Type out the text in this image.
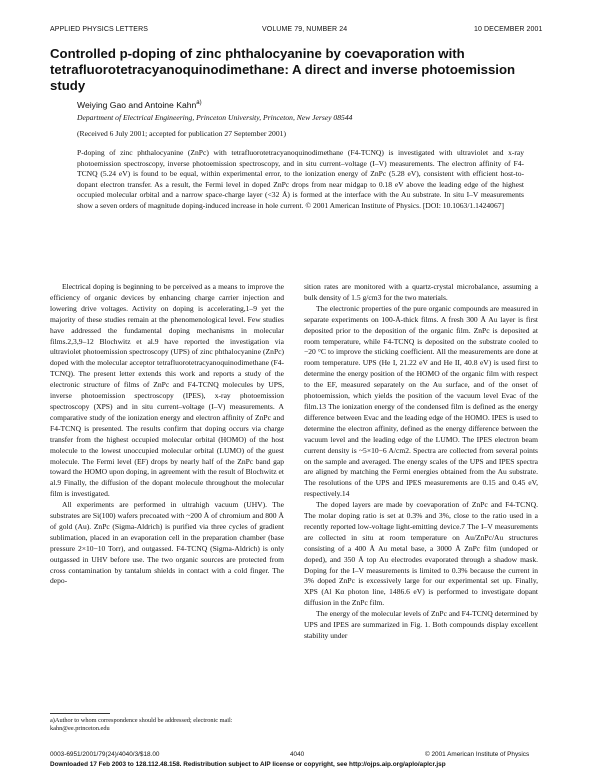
APPLIED PHYSICS LETTERS	VOLUME 79, NUMBER 24	10 DECEMBER 2001
Controlled p-doping of zinc phthalocyanine by coevaporation with tetrafluorotetracyanoquinodimethane: A direct and inverse photoemission study
Weiying Gao and Antoine Kahn$^{a)}$
Department of Electrical Engineering, Princeton University, Princeton, New Jersey 08544
(Received 6 July 2001; accepted for publication 27 September 2001)
P-doping of zinc phthalocyanine (ZnPc) with tetrafluorotetracyanoquinodimethane (F4-TCNQ) is investigated with ultraviolet and x-ray photoemission spectroscopy, inverse photoemission spectroscopy, and in situ current–voltage (I–V) measurements. The electron affinity of F4-TCNQ (5.24 eV) is found to be equal, within experimental error, to the ionization energy of ZnPc (5.28 eV), consistent with efficient host-to-dopant electron transfer. As a result, the Fermi level in doped ZnPc drops from near midgap to 0.18 eV above the leading edge of the highest occupied molecular orbital and a narrow space-charge layer (<32 Å) is formed at the interface with the Au substrate. In situ I–V measurements show a seven orders of magnitude doping-induced increase in hole current. © 2001 American Institute of Physics. [DOI: 10.1063/1.1424067]

Electrical doping is beginning to be perceived as a means to improve the efficiency of organic devices by enhancing charge carrier injection and lowering drive voltages. Activity on doping is accelerating,1–9 yet the majority of these studies remain at the phenomenological level. Few studies have addressed the fundamental doping mechanisms in molecular films.2,3,9–12 Blochwitz et al.9 have reported the investigation via ultraviolet photoemission spectroscopy (UPS) of zinc phthalocyanine (ZnPc) doped with the molecular acceptor tetrafluorotetracyanoquinodimethane (F4-TCNQ). The present letter extends this work and reports a study of the electronic structure of films of ZnPc and F4-TCNQ molecules by UPS, inverse photoemission spectroscopy (IPES), x-ray photoemission spectroscopy (XPS) and in situ current–voltage (I–V) measurements. A comparative study of the ionization energy and electron affinity of ZnPc and F4-TCNQ is presented. The results confirm that doping occurs via charge transfer from the highest occupied molecular orbital (HOMO) of the host molecule to the lowest unoccupied molecular orbital (LUMO) of the guest molecule. The Fermi level (EF) drops by nearly half of the ZnPc band gap toward the HOMO upon doping, in agreement with the result of Blochwitz et al.9 Finally, the diffusion of the dopant molecule throughout the molecular film is investigated.

All experiments are performed in ultrahigh vacuum (UHV). The substrates are Si(100) wafers precoated with ~200 Å of chromium and 800 Å of gold (Au). ZnPc (Sigma-Aldrich) is purified via three cycles of gradient sublimation, placed in an evaporation cell in the preparation chamber (base pressure 2×10−10 Torr), and outgassed. F4-TCNQ (Sigma-Aldrich) is only outgassed in UHV before use. The two organic sources are protected from cross contamination by tantalum shields in contact with a cold finger. The depo-

sition rates are monitored with a quartz-crystal microbalance, assuming a bulk density of 1.5 g/cm3 for the two materials.

The electronic properties of the pure organic compounds are measured in separate experiments on 100-Å-thick films. A fresh 300 Å Au layer is first deposited prior to the deposition of the organic film. ZnPc is deposited at room temperature, while F4-TCNQ is deposited on the substrate cooled to −20 °C to improve the sticking coefficient. All the measurements are done at room temperature. UPS (He I, 21.22 eV and He II, 40.8 eV) is used first to determine the energy position of the HOMO of the organic film with respect to the EF, measured separately on the Au surface, and of the onset of photoemission, which yields the position of the vacuum level Evac of the film.13 The ionization energy of the condensed film is defined as the energy difference between Evac and the leading edge of the HOMO. IPES is used to determine the electron affinity, defined as the energy difference between the vacuum level and the leading edge of the LUMO. The IPES electron beam current density is ~5×10−6 A/cm2. Spectra are collected from several points on the sample and averaged. The energy scales of the UPS and IPES spectra are aligned by matching the Fermi energies obtained from the Au substrate. The resolutions of the UPS and IPES measurements are 0.15 and 0.45 eV, respectively.14

The doped layers are made by coevaporation of ZnPc and F4-TCNQ. The molar doping ratio is set at 0.3% and 3%, close to the ratio used in a recently reported low-voltage light-emitting device.7 The I–V measurements are collected in situ at room temperature on Au/ZnPc/Au structures consisting of a 400 Å Au metal base, a 3000 Å ZnPc film (undoped or doped), and 350 Å top Au electrodes evaporated through a shadow mask. Doping for the I–V measurements is limited to 0.3% because the current in 3% doped ZnPc is excessively large for our experimental set up. Finally, XPS (Al Kα photon line, 1486.6 eV) is performed to investigate dopant diffusion in the ZnPc film.

The energy of the molecular levels of ZnPc and F4-TCNQ determined by UPS and IPES are summarized in Fig. 1. Both compounds display excellent stability under

a)Author to whom correspondence should be addressed; electronic mail: kahn@ee.princeton.edu
0003-6951/2001/79(24)/4040/3/$18.00	4040	© 2001 American Institute of Physics
Downloaded 17 Feb 2003 to 128.112.48.158. Redistribution subject to AIP license or copyright, see http://ojps.aip.org/aplo/aplcr.jsp
